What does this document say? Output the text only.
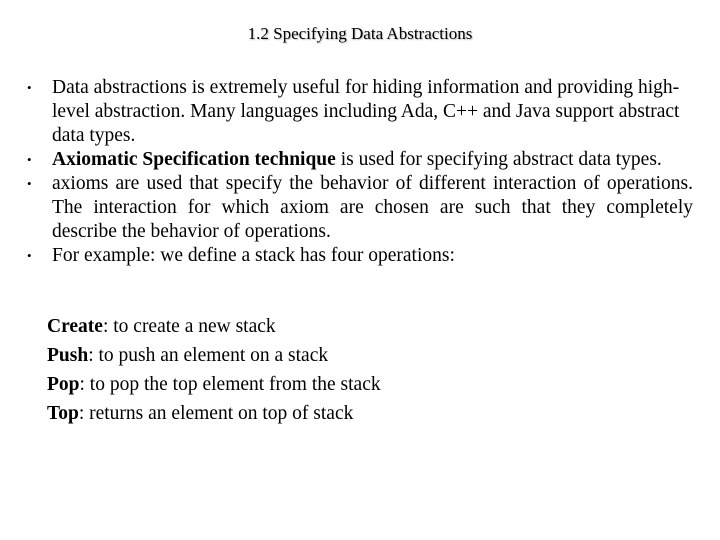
1.2 Specifying Data Abstractions
• Data abstractions is extremely useful for hiding information and providing high-level abstraction. Many languages including Ada, C++ and Java support abstract data types.
• Axiomatic Specification technique is used for specifying abstract data types.
• axioms are used that specify the behavior of different interaction of operations. The interaction for which axiom are chosen are such that they completely describe the behavior of operations.
• For example: we define a stack has four operations:
Create: to create a new stack
Push: to push an element on a stack
Pop: to pop the top element from the stack
Top: returns an element on top of stack
